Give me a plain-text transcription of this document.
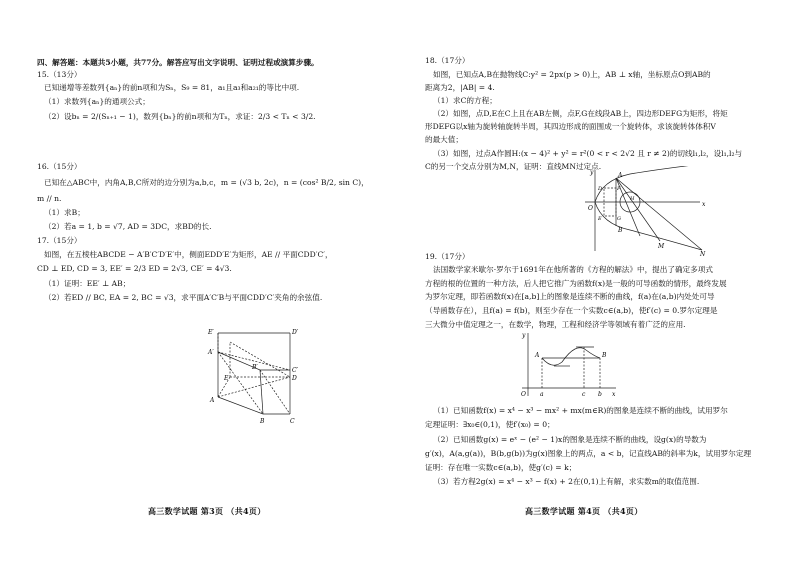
四、解答题：本题共5小题，共77分。解答应写出文字说明、证明过程或演算步骤。
15.（13分）
已知递增等差数列{aₙ}的前n项和为Sₙ，S₉ = 81，a₁且a₃和a₂₁的等比中项.
（1）求数列{aₙ}的通项公式；
（2）设bₙ = 2/(Sₙ₊₁ − 1)，数列{bₙ}的前n项和为Tₙ，求证：2/3 < Tₙ < 3/2.
16.（15分）
已知在△ABC中，内角A,B,C所对的边分别为a,b,c，m = (√3 b, 2c)，n = (cos² B/2, sin C)，
m // n.
（1）求B；
（2）若a = 1, b = √7, AD = 3DC，求BD的长.
17.（15分）
如图，在五棱柱ABCDE − A′B′C′D′E′中，侧面EDD′E′为矩形，AE // 平面CDD′C′，
CD ⊥ ED, CD = 3, EE′ = 2/3 ED = 2√3, CE′ = 4√3.
（1）证明：EE′ ⊥ AB；
（2）若ED // BC, EA = 2, BC = √3，求平面A′C′B与平面CDD′C′夹角的余弦值.
E′	D′
A′
B′	C′
E	D
A
B	C
高三数学试题 第3页 （共4页）
18.（17分）
如图，已知点A,B在抛物线C:y² = 2px(p > 0)上，AB ⊥ x轴，坐标原点O到AB的
距离为2，|AB| = 4.
（1）求C的方程；
（2）如图，点D,E在C上且在AB左侧，点F,G在线段AB上，四边形DEFG为矩形，将矩
形DEFG以x轴为旋转轴旋转半周，其四边形成的面围成一个旋转体，求该旋转体体积V
的最大值；
（3）如图，过点A作圆H:(x − 4)² + y² = r²(0 < r < 2√2 且 r ≠ 2)的切线l₁,l₂，设l₁,l₂与
C的另一个交点分别为M,N，证明：直线MN过定点.
y
x
O
A
B
D
E
F
G
H
M
N
19.（17分）
法国数学家米歇尔·罗尔于1691年在他所著的《方程的解法》中，提出了确定多项式
方程的根的位置的一种方法，后人把它推广为函数f(x)是一般的可导函数的情形，最终发展
为罗尔定理，即若函数f(x)在[a,b]上的图象是连续不断的曲线，f(a)在(a,b)内处处可导
（导函数存在），且f(a) = f(b)，则至少存在一个实数c∈(a,b)，使f′(c) = 0.罗尔定理是
三大微分中值定理之一，在数学，物理，工程和经济学等领域有着广泛的应用.
y
O a	c b x
A	B
（1）已知函数f(x) = x⁴ − x³ − mx² + mx(m∈R)的图象是连续不断的曲线，试用罗尔
定理证明：∃x₀∈(0,1)，使f′(x₀) = 0；
（2）已知函数g(x) = eˣ − (e² − 1)x的图象是连续不断的曲线，设g(x)的导数为
g′(x)，A(a,g(a))，B(b,g(b))为g(x)图象上的两点，a < b，记直线AB的斜率为k，试用罗尔定理
证明：存在唯一实数c∈(a,b)，使g′(c) = k；
（3）若方程2g(x) = x⁴ − x³ − f(x) + 2在(0,1)上有解，求实数m的取值范围.
高三数学试题 第4页 （共4页）
